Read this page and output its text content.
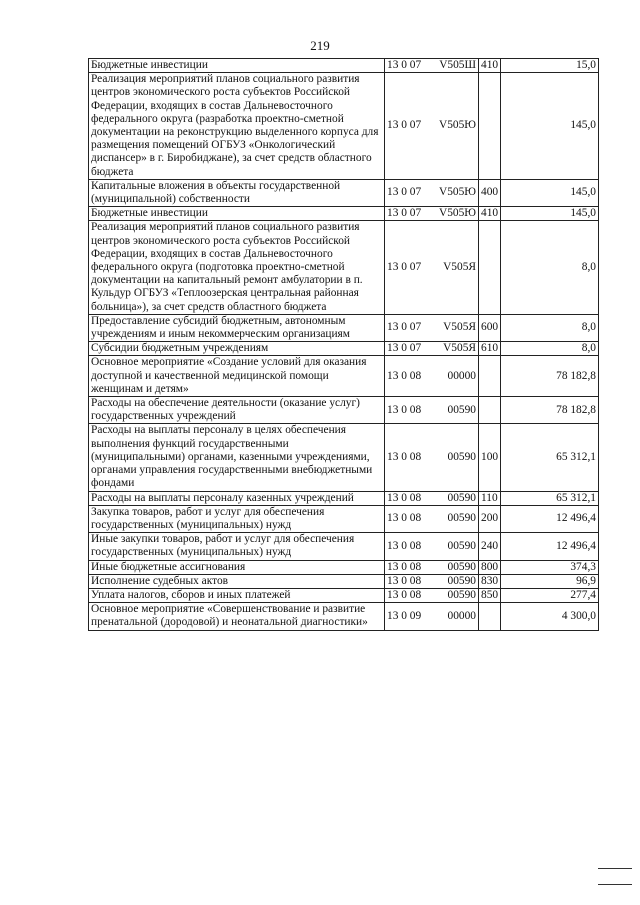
219
Бюджетные инвестиции	13 0 07 V505Ш	410	15,0
Реализация мероприятий планов социального развития центров экономического роста субъектов Российской Федерации, входящих в состав Дальневосточного федерального округа (разработка проектно-сметной документации на реконструкцию выделенного корпуса для размещения помещений ОГБУЗ «Онкологический диспансер» в г. Биробиджане), за счет средств областного бюджета	13 0 07 V505Ю		145,0
Капитальные вложения в объекты государственной (муниципальной) собственности	13 0 07 V505Ю	400	145,0
Бюджетные инвестиции	13 0 07 V505Ю	410	145,0
Реализация мероприятий планов социального развития центров экономического роста субъектов Российской Федерации, входящих в состав Дальневосточного федерального округа (подготовка проектно-сметной документации на капитальный ремонт амбулатории в п. Кульдур ОГБУЗ «Теплоозерская центральная районная больница»), за счет средств областного бюджета	13 0 07 V505Я		8,0
Предоставление субсидий бюджетным, автономным учреждениям и иным некоммерческим организациям	13 0 07 V505Я	600	8,0
Субсидии бюджетным учреждениям	13 0 07 V505Я	610	8,0
Основное мероприятие «Создание условий для оказания доступной и качественной медицинской помощи женщинам и детям»	13 0 08 00000		78 182,8
Расходы на обеспечение деятельности (оказание услуг) государственных учреждений	13 0 08 00590		78 182,8
Расходы на выплаты персоналу в целях обеспечения выполнения функций государственными (муниципальными) органами, казенными учреждениями, органами управления государственными внебюджетными фондами	13 0 08 00590	100	65 312,1
Расходы на выплаты персоналу казенных учреждений	13 0 08 00590	110	65 312,1
Закупка товаров, работ и услуг для обеспечения государственных (муниципальных) нужд	13 0 08 00590	200	12 496,4
Иные закупки товаров, работ и услуг для обеспечения государственных (муниципальных) нужд	13 0 08 00590	240	12 496,4
Иные бюджетные ассигнования	13 0 08 00590	800	374,3
Исполнение судебных актов	13 0 08 00590	830	96,9
Уплата налогов, сборов и иных платежей	13 0 08 00590	850	277,4
Основное мероприятие «Совершенствование и развитие пренатальной (дородовой) и неонатальной диагностики»	13 0 09 00000		4 300,0
